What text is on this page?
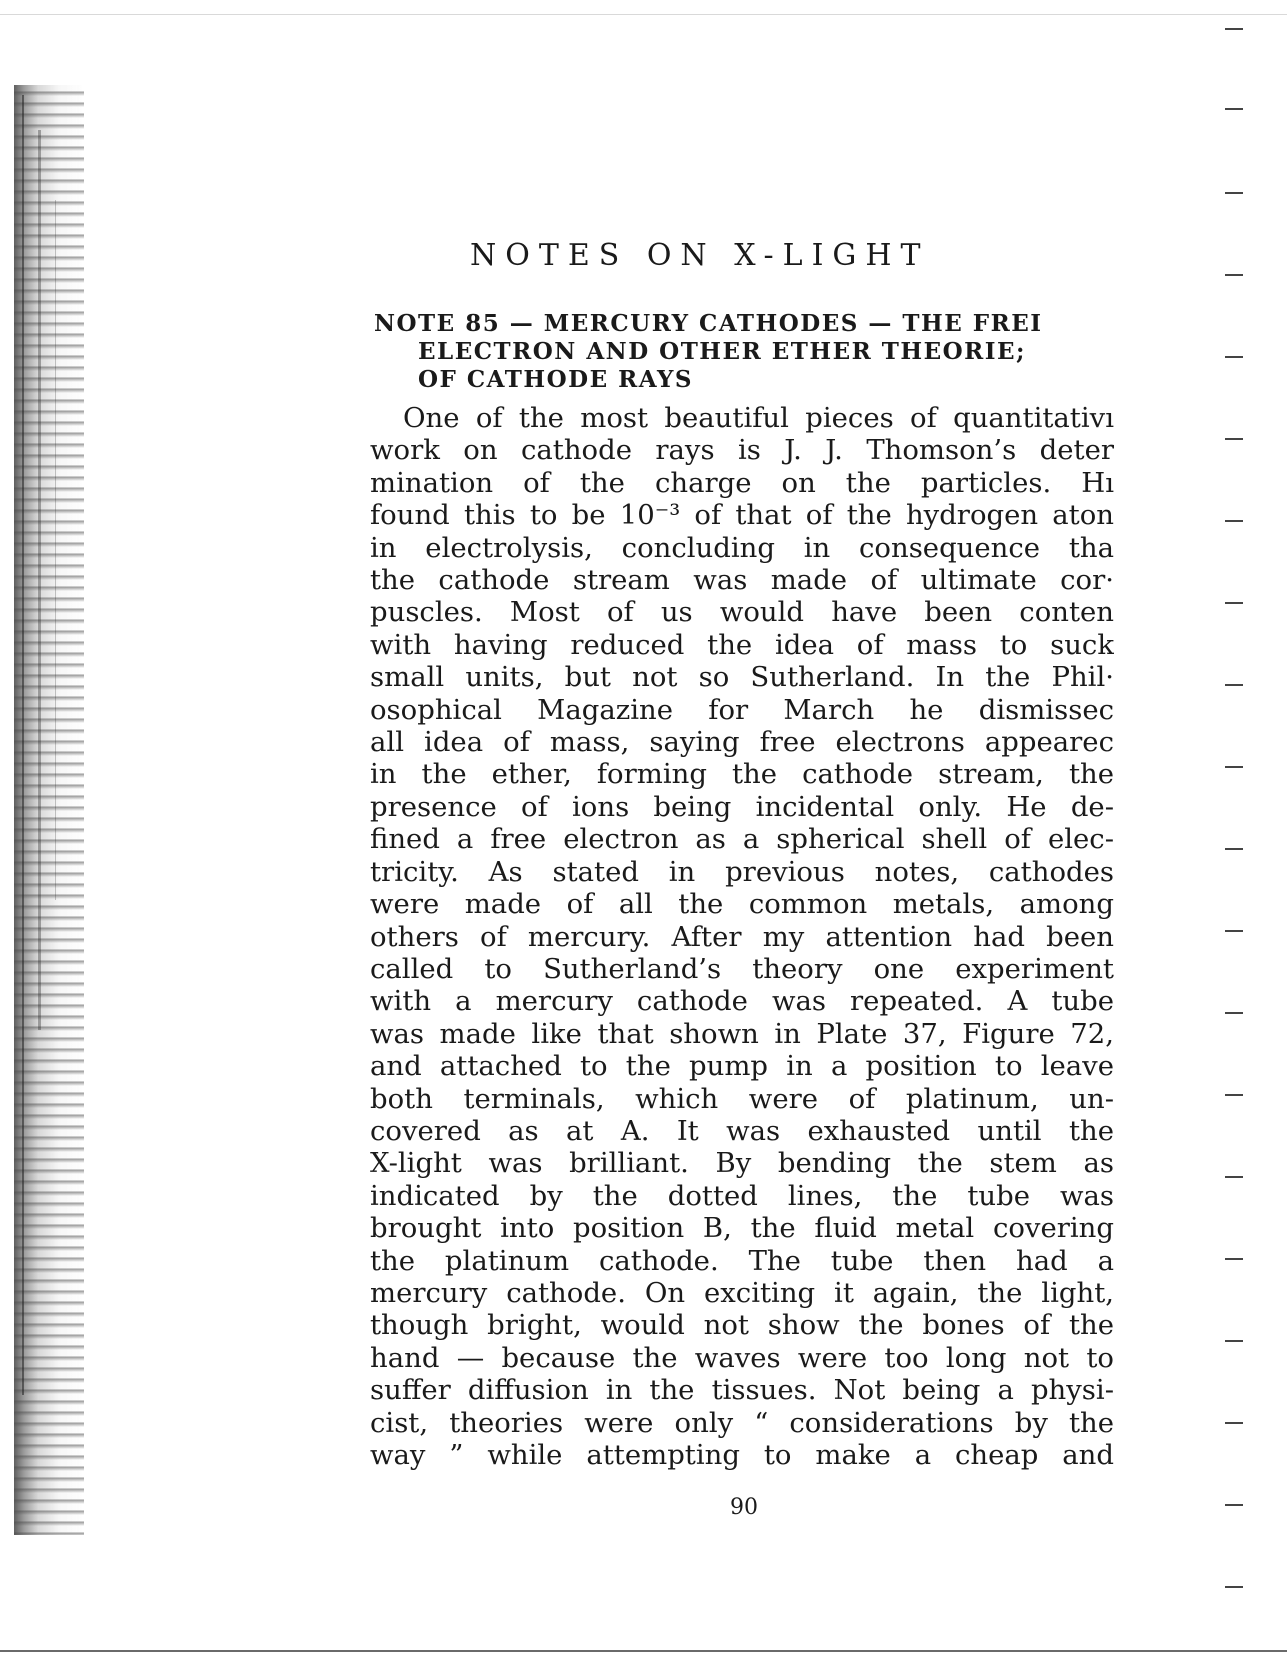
NOTES ON X-LIGHT
NOTE 85 — MERCURY CATHODES — THE FREI
ELECTRON AND OTHER ETHER THEORIE;
OF CATHODE RAYS

One of the most beautiful pieces of quantitativı
work on cathode rays is J. J. Thomson’s deter
mination of the charge on the particles. Hı
found this to be 10⁻³ of that of the hydrogen aton
in electrolysis, concluding in consequence tha
the cathode stream was made of ultimate cor·
puscles. Most of us would have been conten
with having reduced the idea of mass to suck
small units, but not so Sutherland. In the Phil·
osophical Magazine for March he dismissec
all idea of mass, saying free electrons appearec
in the ether, forming the cathode stream, the
presence of ions being incidental only. He de-
fined a free electron as a spherical shell of elec-
tricity. As stated in previous notes, cathodes
were made of all the common metals, among
others of mercury. After my attention had been
called to Sutherland’s theory one experiment
with a mercury cathode was repeated. A tube
was made like that shown in Plate 37, Figure 72,
and attached to the pump in a position to leave
both terminals, which were of platinum, un-
covered as at A. It was exhausted until the
X-light was brilliant. By bending the stem as
indicated by the dotted lines, the tube was
brought into position B, the fluid metal covering
the platinum cathode. The tube then had a
mercury cathode. On exciting it again, the light,
though bright, would not show the bones of the
hand — because the waves were too long not to
suffer diffusion in the tissues. Not being a physi-
cist, theories were only “ considerations by the
way ” while attempting to make a cheap and

90
